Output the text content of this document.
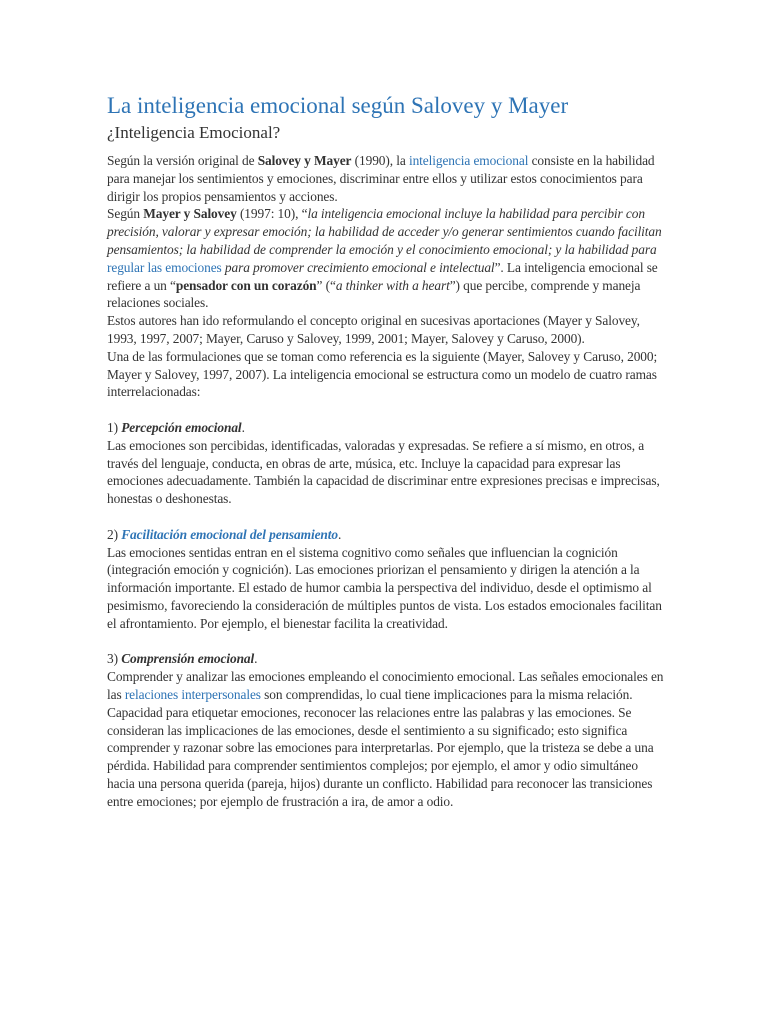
La inteligencia emocional según Salovey y Mayer
¿Inteligencia Emocional?

Según la versión original de Salovey y Mayer (1990), la inteligencia emocional consiste en la habilidad para manejar los sentimientos y emociones, discriminar entre ellos y utilizar estos conocimientos para dirigir los propios pensamientos y acciones.

Según Mayer y Salovey (1997: 10), “la inteligencia emocional incluye la habilidad para percibir con precisión, valorar y expresar emoción; la habilidad de acceder y/o generar sentimientos cuando facilitan pensamientos; la habilidad de comprender la emoción y el conocimiento emocional; y la habilidad para regular las emociones para promover crecimiento emocional e intelectual”. La inteligencia emocional se refiere a un “pensador con un corazón” (“a thinker with a heart”) que percibe, comprende y maneja relaciones sociales.

Estos autores han ido reformulando el concepto original en sucesivas aportaciones (Mayer y Salovey, 1993, 1997, 2007; Mayer, Caruso y Salovey, 1999, 2001; Mayer, Salovey y Caruso, 2000).

Una de las formulaciones que se toman como referencia es la siguiente (Mayer, Salovey y Caruso, 2000; Mayer y Salovey, 1997, 2007). La inteligencia emocional se estructura como un modelo de cuatro ramas interrelacionadas:

1) Percepción emocional.

Las emociones son percibidas, identificadas, valoradas y expresadas. Se refiere a sí mismo, en otros, a través del lenguaje, conducta, en obras de arte, música, etc. Incluye la capacidad para expresar las emociones adecuadamente. También la capacidad de discriminar entre expresiones precisas e imprecisas, honestas o deshonestas.

2) Facilitación emocional del pensamiento.

Las emociones sentidas entran en el sistema cognitivo como señales que influencian la cognición (integración emoción y cognición). Las emociones priorizan el pensamiento y dirigen la atención a la información importante. El estado de humor cambia la perspectiva del individuo, desde el optimismo al pesimismo, favoreciendo la consideración de múltiples puntos de vista. Los estados emocionales facilitan el afrontamiento. Por ejemplo, el bienestar facilita la creatividad.

3) Comprensión emocional.

Comprender y analizar las emociones empleando el conocimiento emocional. Las señales emocionales en las relaciones interpersonales son comprendidas, lo cual tiene implicaciones para la misma relación. Capacidad para etiquetar emociones, reconocer las relaciones entre las palabras y las emociones. Se consideran las implicaciones de las emociones, desde el sentimiento a su significado; esto significa comprender y razonar sobre las emociones para interpretarlas. Por ejemplo, que la tristeza se debe a una pérdida. Habilidad para comprender sentimientos complejos; por ejemplo, el amor y odio simultáneo hacia una persona querida (pareja, hijos) durante un conflicto. Habilidad para reconocer las transiciones entre emociones; por ejemplo de frustración a ira, de amor a odio.
